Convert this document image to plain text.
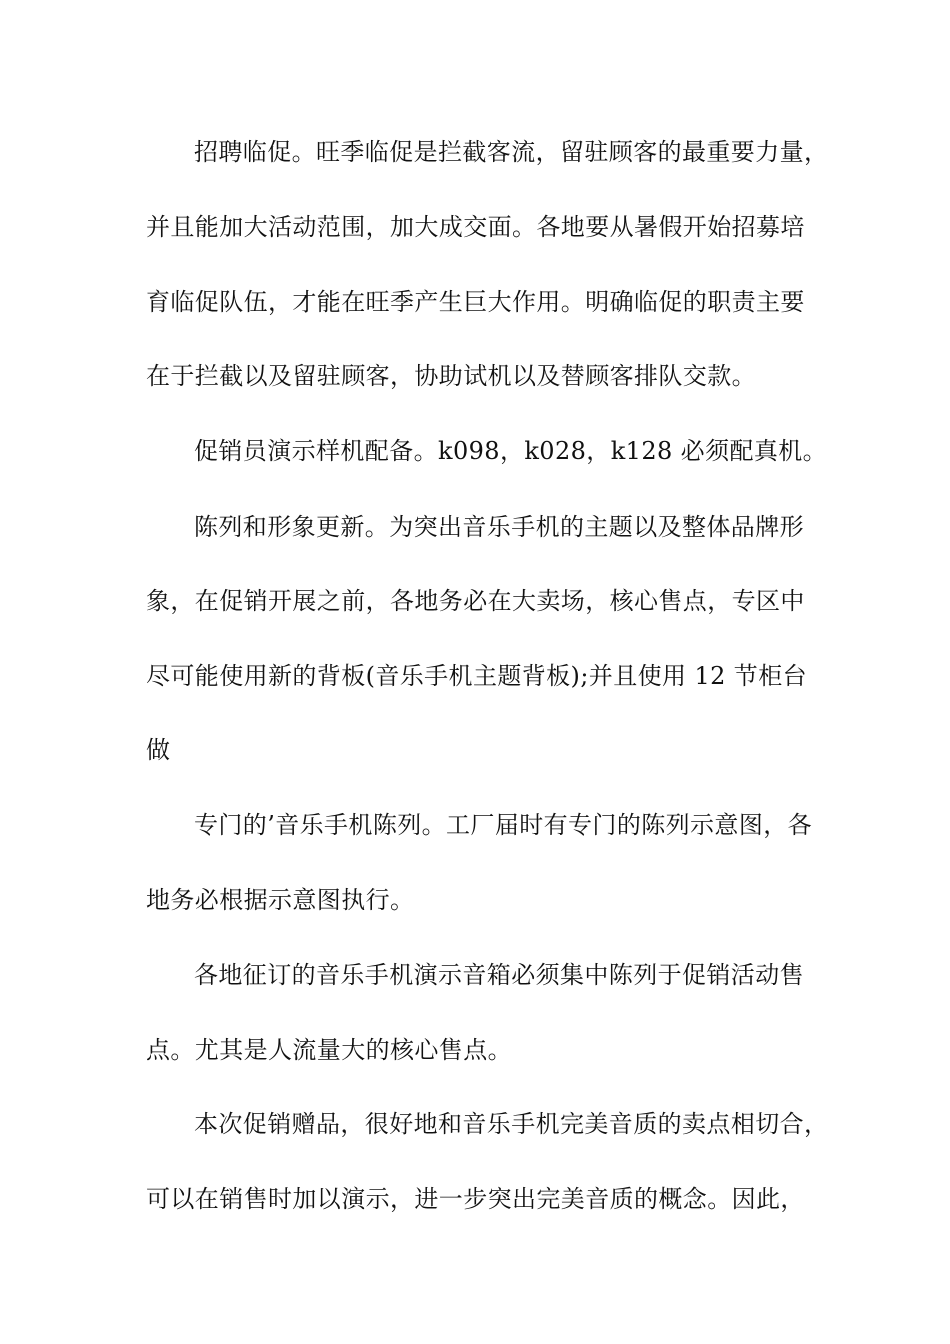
招聘临促。旺季临促是拦截客流，留驻顾客的最重要力量，
并且能加大活动范围，加大成交面。各地要从暑假开始招募培
育临促队伍，才能在旺季产生巨大作用。明确临促的职责主要
在于拦截以及留驻顾客，协助试机以及替顾客排队交款。
促销员演示样机配备。k098，k028，k128 必须配真机。
陈列和形象更新。为突出音乐手机的主题以及整体品牌形
象，在促销开展之前，各地务必在大卖场，核心售点，专区中
尽可能使用新的背板(音乐手机主题背板);并且使用 12 节柜台
做
专门的’音乐手机陈列。工厂届时有专门的陈列示意图，各
地务必根据示意图执行。
各地征订的音乐手机演示音箱必须集中陈列于促销活动售
点。尤其是人流量大的核心售点。
本次促销赠品，很好地和音乐手机完美音质的卖点相切合，
可以在销售时加以演示，进一步突出完美音质的概念。因此，
